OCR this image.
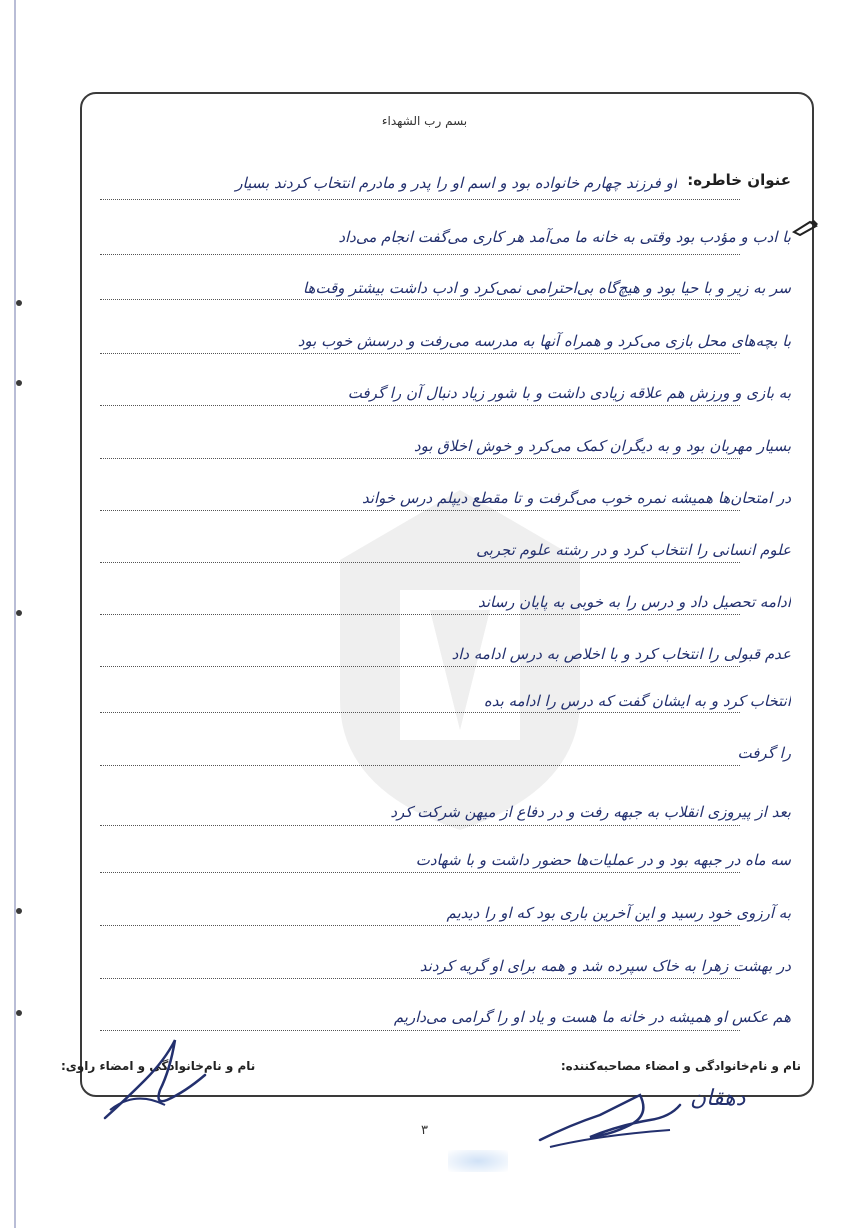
بسم رب الشهداء
عنوان خاطره:
او فرزند چهارم خانواده بود و اسم او را پدر و مادرم انتخاب کردند بسیار
با ادب و مؤدب بود وقتی به خانه ما می‌آمد هر کاری می‌گفت انجام می‌داد
سر به زیر و با حیا بود و هیچ‌گاه بی‌احترامی نمی‌کرد و ادب داشت بیشتر وقت‌ها
با بچه‌های محل بازی می‌کرد و همراه آنها به مدرسه می‌رفت و درسش خوب بود
به بازی و ورزش هم علاقه زیادی داشت و با شور زیاد دنبال آن را گرفت
بسیار مهربان بود و به دیگران کمک می‌کرد و خوش اخلاق بود
در امتحان‌ها همیشه نمره خوب می‌گرفت و تا مقطع دیپلم درس خواند
علوم انسانی را انتخاب کرد و در رشته علوم تجربی
ادامه تحصیل داد و درس را به خوبی به پایان رساند
عدم قبولی را انتخاب کرد و با اخلاص به درس ادامه داد
انتخاب کرد و به ایشان گفت که درس را ادامه بده
را گرفت
بعد از پیروزی انقلاب به جبهه رفت و در دفاع از میهن شرکت کرد
سه ماه در جبهه بود و در عملیات‌ها حضور داشت و با شهادت
به آرزوی خود رسید و این آخرین باری بود که او را دیدیم
در بهشت زهرا به خاک سپرده شد و همه برای او گریه کردند
هم عکس او همیشه در خانه ما هست و یاد او را گرامی می‌داریم
نام و نام‌خانوادگی و امضاء مصاحبه‌کننده:
نام و نام‌خانوادگی و امضاء راوی:
دهقان
۳
